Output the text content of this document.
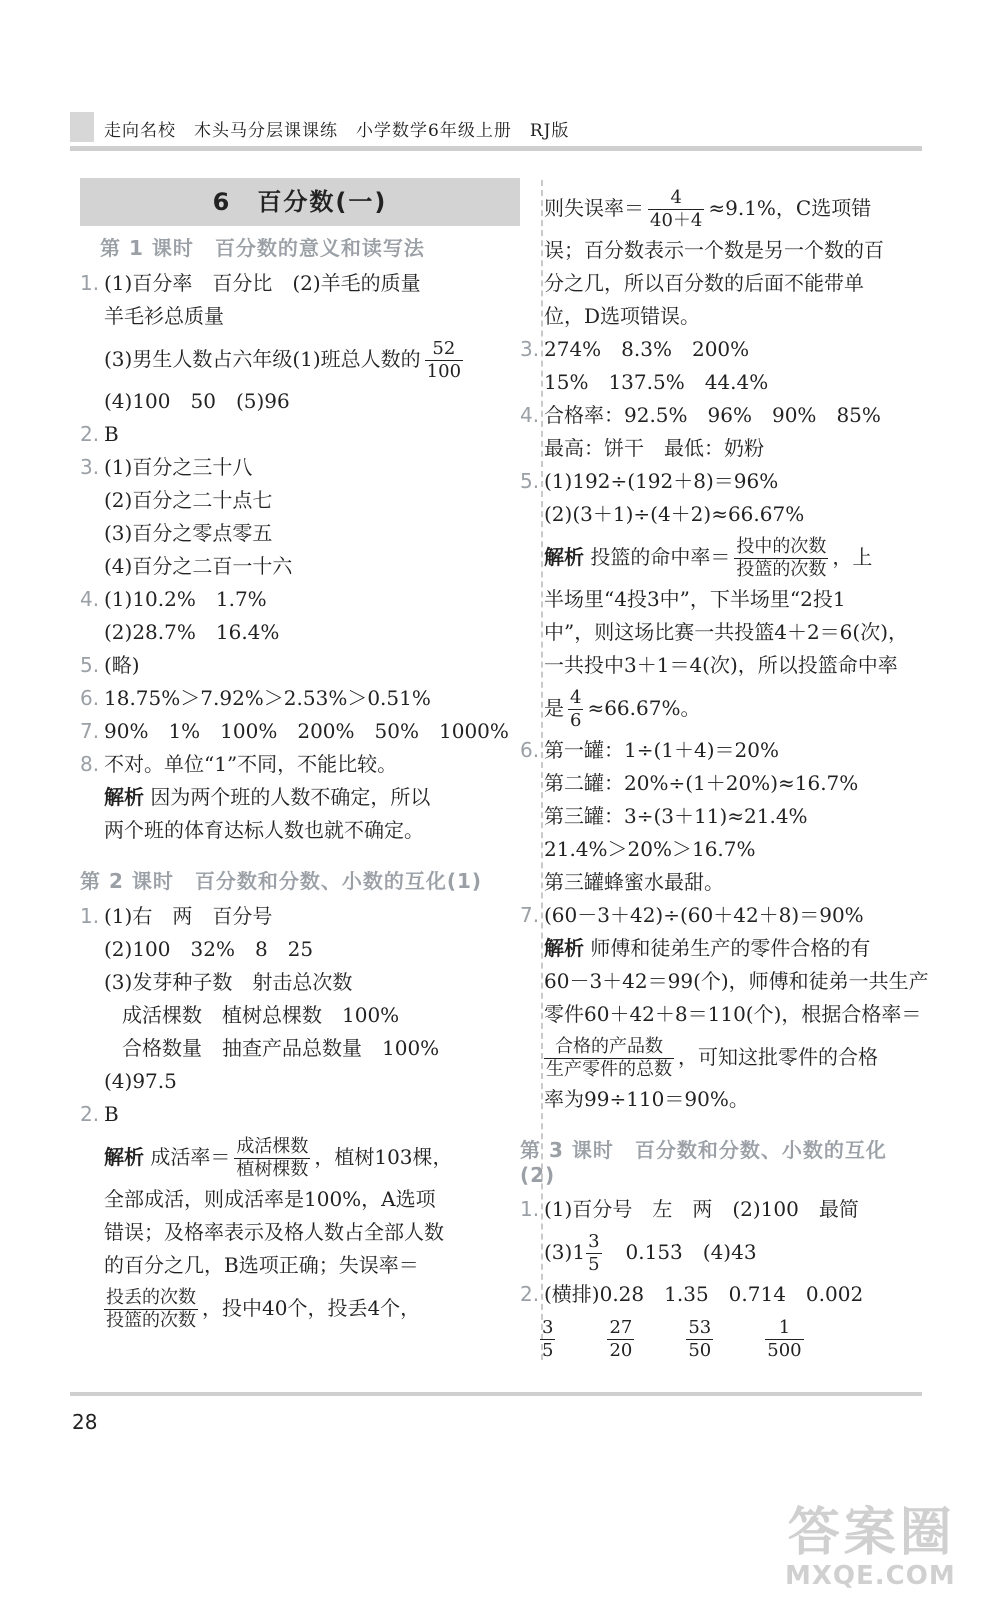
走向名校　木头马分层课课练　小学数学6年级上册　RJ版
6　百分数(一)
第 1 课时　百分数的意义和读写法
1. (1)百分率　百分比　(2)羊毛的质量
羊毛衫总质量
(3)男生人数占六年级(1)班总人数的 $\frac{52}{100}$
(4)100　50　(5)96
2. B
3. (1)百分之三十八
(2)百分之二十点七
(3)百分之零点零五
(4)百分之二百一十六
4. (1)10.2%　1.7%
(2)28.7%　16.4%
5. (略)
6. 18.75%＞7.92%＞2.53%＞0.51%
7. 90%　1%　100%　200%　50%　1000%
8. 不对。单位“1”不同，不能比较。
解析 因为两个班的人数不确定，所以
两个班的体育达标人数也就不确定。
第 2 课时　百分数和分数、小数的互化(1)
1. (1)右　两　百分号
(2)100　32%　8　25
(3)发芽种子数　射击总次数
成活棵数　植树总棵数　100%
合格数量　抽查产品总数量　100%
(4)97.5
2. B
解析 成活率＝ $\frac{\text{成活棵数}}{\text{植树棵数}}$ ，植树103棵，
全部成活，则成活率是100%，A选项
错误；及格率表示及格人数占全部人数
的百分之几，B选项正确；失误率＝
$\frac{\text{投丢的次数}}{\text{投篮的次数}}$ ，投中40个，投丢4个，
则失误率＝ $\frac{4}{40+4} \approx 9.1\%$，C选项错
误；百分数表示一个数是另一个数的百
分之几，所以百分数的后面不能带单
位，D选项错误。
3. 274%　8.3%　200%
15%　137.5%　44.4%
4. 合格率：92.5%　96%　90%　85%
最高：饼干　最低：奶粉
5. (1)192÷(192＋8)＝96%
(2)(3＋1)÷(4＋2)≈66.67%
解析 投篮的命中率＝ $\frac{\text{投中的次数}}{\text{投篮的次数}}$ ，上
半场里“4投3中”，下半场里“2投1
中”，则这场比赛一共投篮4＋2＝6(次)，
一共投中3＋1＝4(次)，所以投篮命中率
是 $\frac{4}{6} \approx 66.67\%$。
6. 第一罐：1÷(1＋4)＝20%
第二罐：20%÷(1＋20%)≈16.7%
第三罐：3÷(3＋11)≈21.4%
21.4%＞20%＞16.7%
第三罐蜂蜜水最甜。
7. (60－3＋42)÷(60＋42＋8)＝90%
解析 师傅和徒弟生产的零件合格的有
60－3＋42＝99(个)，师傅和徒弟一共生产
零件60＋42＋8＝110(个)，根据合格率＝
$\frac{\text{合格的产品数}}{\text{生产零件的总数}}$ ，可知这批零件的合格
率为99÷110＝90%。
第 3 课时　百分数和分数、小数的互化(2)
1. (1)百分号　左　两　(2)100　最简
$(3)1 \frac{3}{5}$ 　0.153̇　(4)43
2. (横排)0.28　1.35　0.714　0.002
$\frac{3}{5}$	$\frac{27}{20}$	$\frac{53}{50}$	$\frac{1}{500}$
28
答案圈
MXQE.COM
